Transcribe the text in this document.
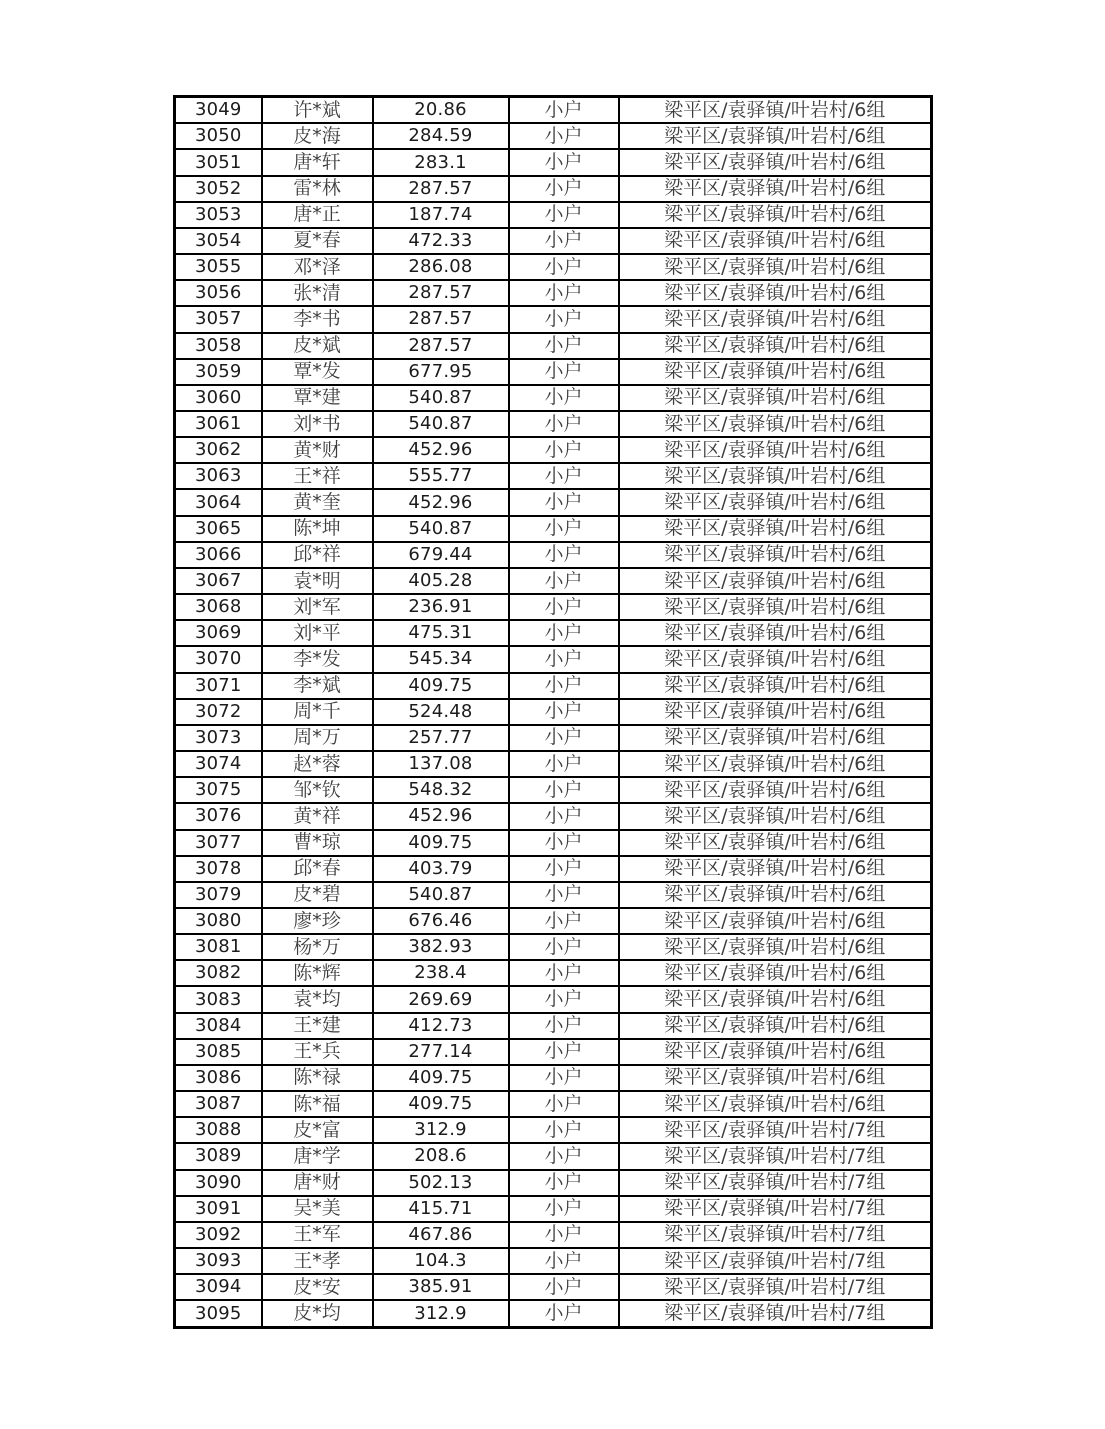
3049	许*斌	20.86	小户	梁平区/袁驿镇/叶岩村/6组
3050	皮*海	284.59	小户	梁平区/袁驿镇/叶岩村/6组
3051	唐*轩	283.1	小户	梁平区/袁驿镇/叶岩村/6组
3052	雷*林	287.57	小户	梁平区/袁驿镇/叶岩村/6组
3053	唐*正	187.74	小户	梁平区/袁驿镇/叶岩村/6组
3054	夏*春	472.33	小户	梁平区/袁驿镇/叶岩村/6组
3055	邓*泽	286.08	小户	梁平区/袁驿镇/叶岩村/6组
3056	张*清	287.57	小户	梁平区/袁驿镇/叶岩村/6组
3057	李*书	287.57	小户	梁平区/袁驿镇/叶岩村/6组
3058	皮*斌	287.57	小户	梁平区/袁驿镇/叶岩村/6组
3059	覃*发	677.95	小户	梁平区/袁驿镇/叶岩村/6组
3060	覃*建	540.87	小户	梁平区/袁驿镇/叶岩村/6组
3061	刘*书	540.87	小户	梁平区/袁驿镇/叶岩村/6组
3062	黄*财	452.96	小户	梁平区/袁驿镇/叶岩村/6组
3063	王*祥	555.77	小户	梁平区/袁驿镇/叶岩村/6组
3064	黄*奎	452.96	小户	梁平区/袁驿镇/叶岩村/6组
3065	陈*坤	540.87	小户	梁平区/袁驿镇/叶岩村/6组
3066	邱*祥	679.44	小户	梁平区/袁驿镇/叶岩村/6组
3067	袁*明	405.28	小户	梁平区/袁驿镇/叶岩村/6组
3068	刘*军	236.91	小户	梁平区/袁驿镇/叶岩村/6组
3069	刘*平	475.31	小户	梁平区/袁驿镇/叶岩村/6组
3070	李*发	545.34	小户	梁平区/袁驿镇/叶岩村/6组
3071	李*斌	409.75	小户	梁平区/袁驿镇/叶岩村/6组
3072	周*千	524.48	小户	梁平区/袁驿镇/叶岩村/6组
3073	周*万	257.77	小户	梁平区/袁驿镇/叶岩村/6组
3074	赵*蓉	137.08	小户	梁平区/袁驿镇/叶岩村/6组
3075	邹*钦	548.32	小户	梁平区/袁驿镇/叶岩村/6组
3076	黄*祥	452.96	小户	梁平区/袁驿镇/叶岩村/6组
3077	曹*琼	409.75	小户	梁平区/袁驿镇/叶岩村/6组
3078	邱*春	403.79	小户	梁平区/袁驿镇/叶岩村/6组
3079	皮*碧	540.87	小户	梁平区/袁驿镇/叶岩村/6组
3080	廖*珍	676.46	小户	梁平区/袁驿镇/叶岩村/6组
3081	杨*万	382.93	小户	梁平区/袁驿镇/叶岩村/6组
3082	陈*辉	238.4	小户	梁平区/袁驿镇/叶岩村/6组
3083	袁*均	269.69	小户	梁平区/袁驿镇/叶岩村/6组
3084	王*建	412.73	小户	梁平区/袁驿镇/叶岩村/6组
3085	王*兵	277.14	小户	梁平区/袁驿镇/叶岩村/6组
3086	陈*禄	409.75	小户	梁平区/袁驿镇/叶岩村/6组
3087	陈*福	409.75	小户	梁平区/袁驿镇/叶岩村/6组
3088	皮*富	312.9	小户	梁平区/袁驿镇/叶岩村/7组
3089	唐*学	208.6	小户	梁平区/袁驿镇/叶岩村/7组
3090	唐*财	502.13	小户	梁平区/袁驿镇/叶岩村/7组
3091	吴*美	415.71	小户	梁平区/袁驿镇/叶岩村/7组
3092	王*军	467.86	小户	梁平区/袁驿镇/叶岩村/7组
3093	王*孝	104.3	小户	梁平区/袁驿镇/叶岩村/7组
3094	皮*安	385.91	小户	梁平区/袁驿镇/叶岩村/7组
3095	皮*均	312.9	小户	梁平区/袁驿镇/叶岩村/7组
